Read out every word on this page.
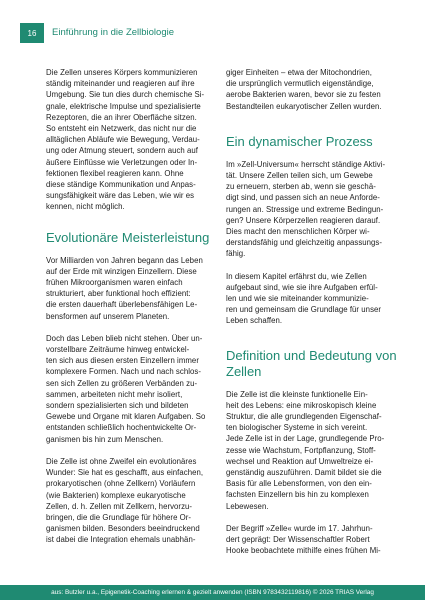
16	Einführung in die Zellbiologie

Die Zellen unseres Körpers kommunizieren
ständig miteinander und reagieren auf ihre
Umgebung. Sie tun dies durch chemische Si-
gnale, elektrische Impulse und spezialisierte
Rezeptoren, die an ihrer Oberfläche sitzen.
So entsteht ein Netzwerk, das nicht nur die
alltäglichen Abläufe wie Bewegung, Verdau-
ung oder Atmung steuert, sondern auch auf
äußere Einflüsse wie Verletzungen oder In-
fektionen flexibel reagieren kann. Ohne
diese ständige Kommunikation und Anpas-
sungsfähigkeit wäre das Leben, wie wir es
kennen, nicht möglich.

Evolutionäre Meisterleistung

Vor Milliarden von Jahren begann das Leben
auf der Erde mit winzigen Einzellern. Diese
frühen Mikroorganismen waren einfach
strukturiert, aber funktional hoch effizient:
die ersten dauerhaft überlebensfähigen Le-
bensformen auf unserem Planeten.

Doch das Leben blieb nicht stehen. Über un-
vorstellbare Zeiträume hinweg entwickel-
ten sich aus diesen ersten Einzellern immer
komplexere Formen. Nach und nach schlos-
sen sich Zellen zu größeren Verbänden zu-
sammen, arbeiteten nicht mehr isoliert,
sondern spezialisierten sich und bildeten
Gewebe und Organe mit klaren Aufgaben. So
entstanden schließlich hochentwickelte Or-
ganismen bis hin zum Menschen.

Die Zelle ist ohne Zweifel ein evolutionäres
Wunder: Sie hat es geschafft, aus einfachen,
prokaryotischen (ohne Zellkern) Vorläufern
(wie Bakterien) komplexe eukaryotische
Zellen, d. h. Zellen mit Zellkern, hervorzu-
bringen, die die Grundlage für höhere Or-
ganismen bilden. Besonders beeindruckend
ist dabei die Integration ehemals unabhän-

giger Einheiten – etwa der Mitochondrien,
die ursprünglich vermutlich eigenständige,
aerobe Bakterien waren, bevor sie zu festen
Bestandteilen eukaryotischer Zellen wurden.

Ein dynamischer Prozess

Im »Zell-Universum« herrscht ständige Aktivi-
tät. Unsere Zellen teilen sich, um Gewebe
zu erneuern, sterben ab, wenn sie geschä-
digt sind, und passen sich an neue Anforde-
rungen an. Stressige und extreme Bedingun-
gen? Unsere Körperzellen reagieren darauf.
Dies macht den menschlichen Körper wi-
derstandsfähig und gleichzeitig anpassungs-
fähig.

In diesem Kapitel erfährst du, wie Zellen
aufgebaut sind, wie sie ihre Aufgaben erfül-
len und wie sie miteinander kommunizie-
ren und gemeinsam die Grundlage für unser
Leben schaffen.

Definition und Bedeutung von
Zellen

Die Zelle ist die kleinste funktionelle Ein-
heit des Lebens: eine mikroskopisch kleine
Struktur, die alle grundlegenden Eigenschaf-
ten biologischer Systeme in sich vereint.
Jede Zelle ist in der Lage, grundlegende Pro-
zesse wie Wachstum, Fortpflanzung, Stoff-
wechsel und Reaktion auf Umweltreize ei-
genständig auszuführen. Damit bildet sie die
Basis für alle Lebensformen, von den ein-
fachsten Einzellern bis hin zu komplexen
Lebewesen.

Der Begriff »Zelle« wurde im 17. Jahrhun-
dert geprägt: Der Wissenschaftler Robert
Hooke beobachtete mithilfe eines frühen Mi-

aus: Butzler u.a., Epigenetik-Coaching erlernen & gezielt anwenden (ISBN 9783432119816) © 2026 TRIAS Verlag
